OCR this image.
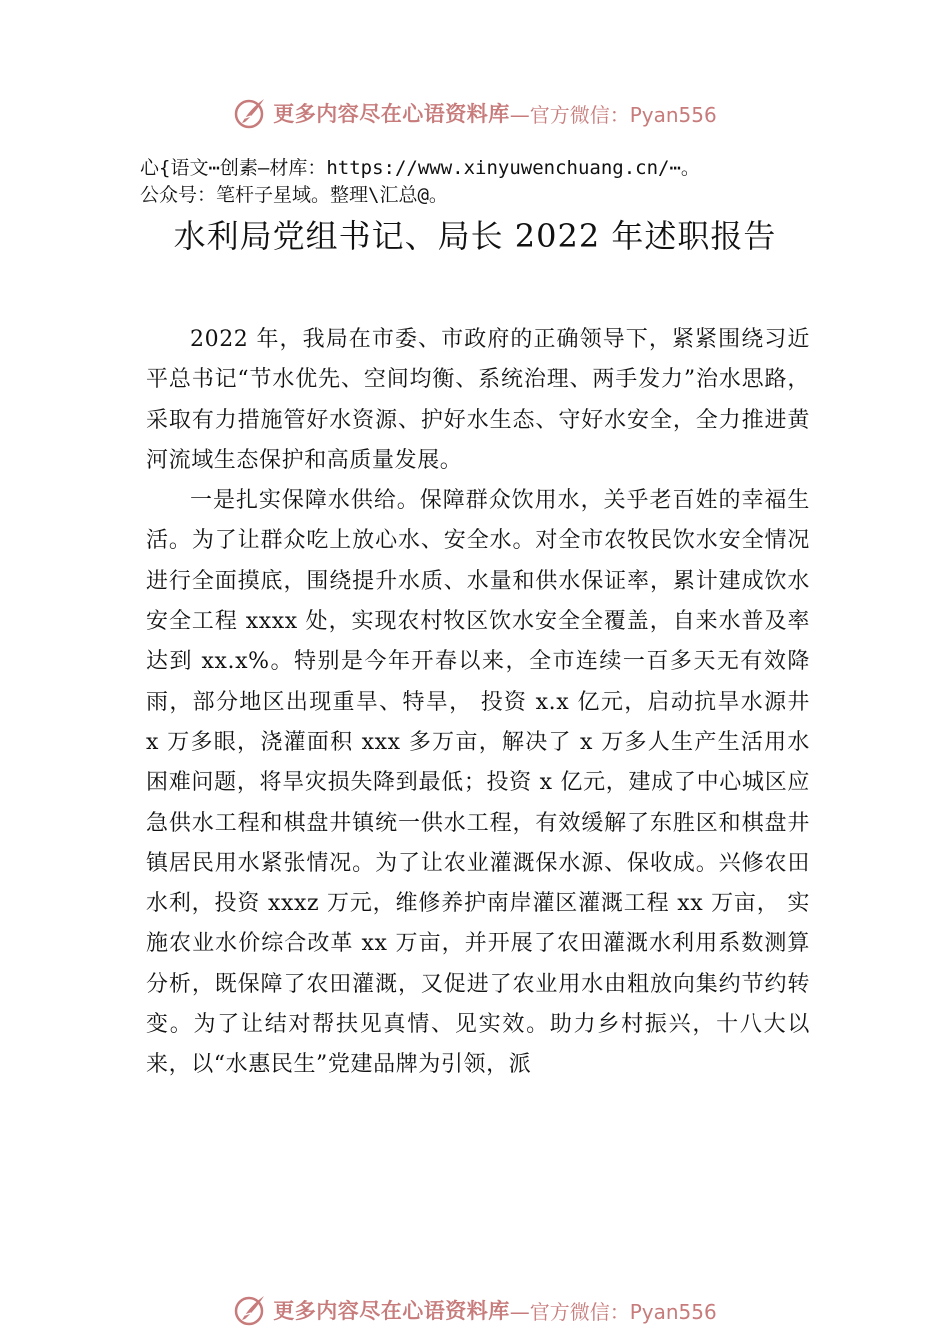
更多内容尽在心语资料库 —官方微信：Pyan556
心{语文⋯创素—材库：https://www.xinyuwenchuang.cn/⋯。
公众号：笔杆子星域。整理\汇总@。
水利局党组书记、局长 2022 年述职报告

2022 年，我局在市委、市政府的正确领导下，紧紧围绕习近平总书记“节水优先、空间均衡、系统治理、两手发力”治水思路，采取有力措施管好水资源、护好水生态、守好水安全，全力推进黄河流域生态保护和高质量发展。

一是扎实保障水供给。保障群众饮用水，关乎老百姓的幸福生活。为了让群众吃上放心水、安全水。对全市农牧民饮水安全情况进行全面摸底，围绕提升水质、水量和供水保证率，累计建成饮水安全工程 xxxx 处，实现农村牧区饮水安全全覆盖，自来水普及率达到 xx.x%。特别是今年开春以来，全市连续一百多天无有效降雨，部分地区出现重旱、特旱， 投资 x.x 亿元，启动抗旱水源井 x 万多眼，浇灌面积 xxx 多万亩，解决了 x 万多人生产生活用水困难问题，将旱灾损失降到最低；投资 x 亿元，建成了中心城区应急供水工程和棋盘井镇统一供水工程，有效缓解了东胜区和棋盘井镇居民用水紧张情况。为了让农业灌溉保水源、保收成。兴修农田水利，投资 xxxz 万元，维修养护南岸灌区灌溉工程 xx 万亩， 实施农业水价综合改革 xx 万亩，并开展了农田灌溉水利用系数测算分析，既保障了农田灌溉，又促进了农业用水由粗放向集约节约转变。为了让结对帮扶见真情、见实效。助力乡村振兴，十八大以来，以“水惠民生”党建品牌为引领，派

更多内容尽在心语资料库 —官方微信：Pyan556
